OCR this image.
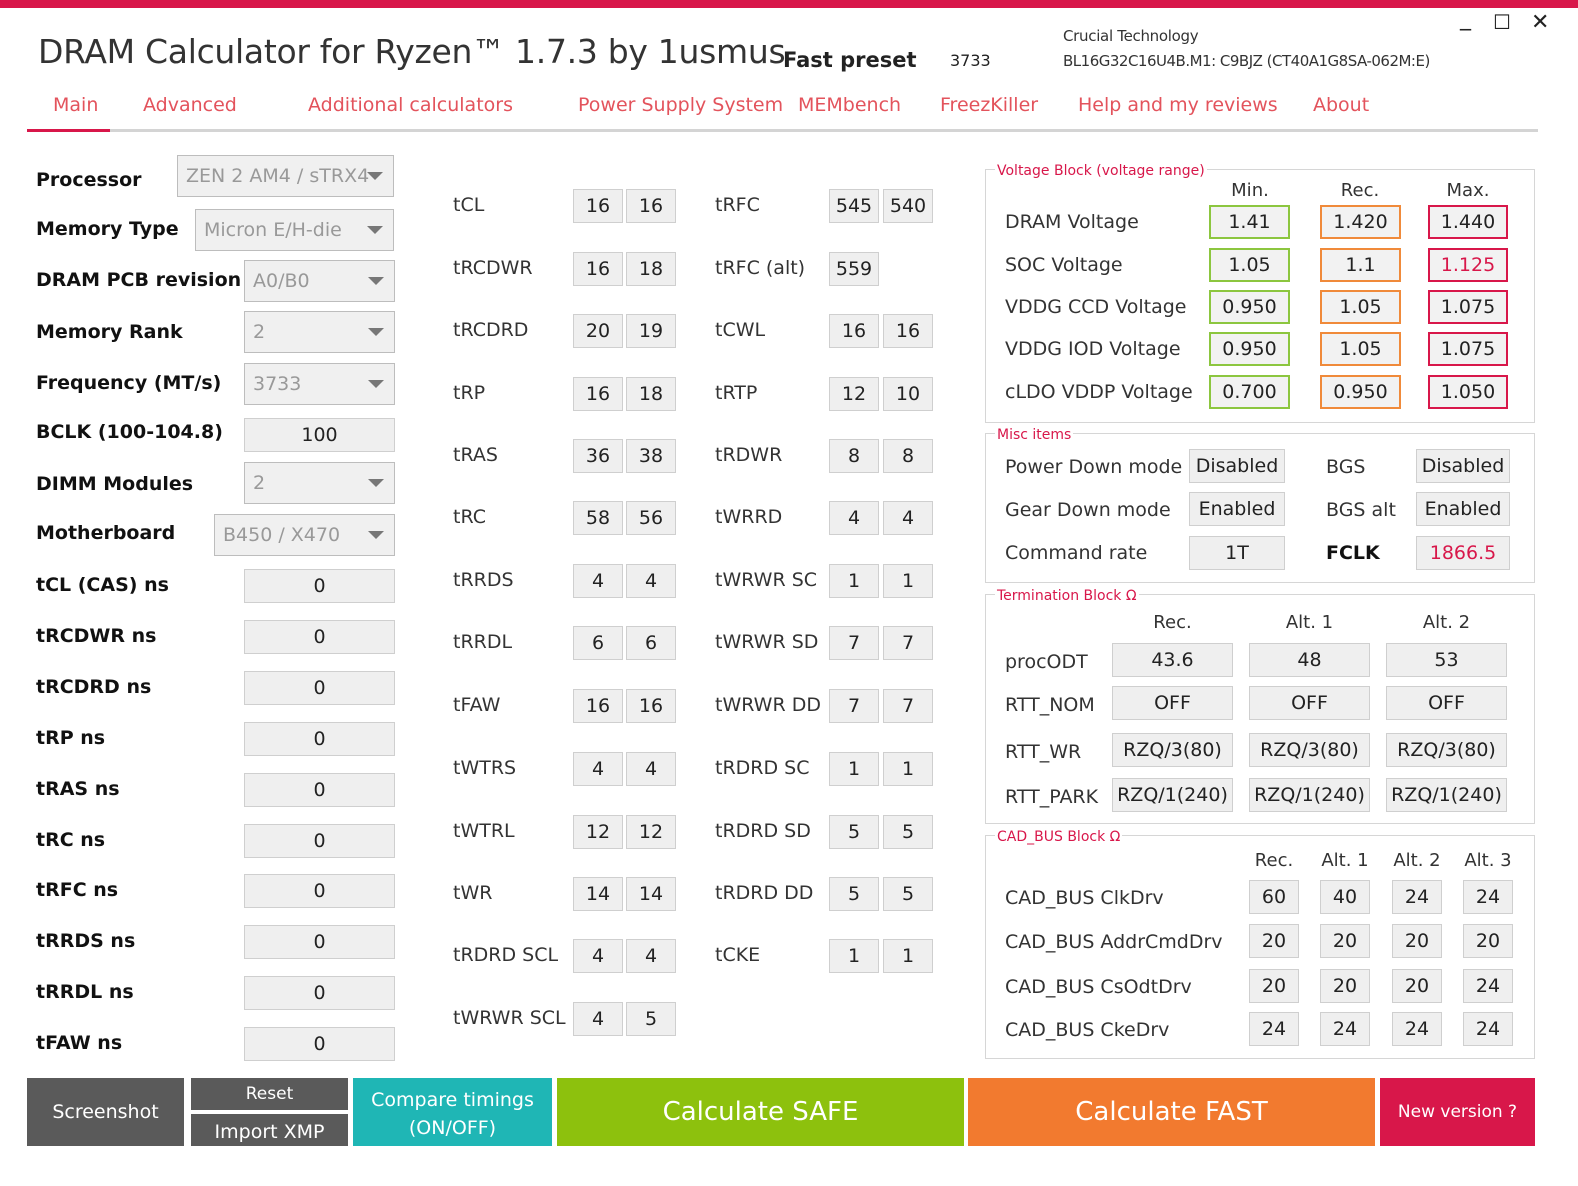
DRAM Calculator for Ryzen™ 1.7.3 by 1usmus
Fast preset 3733
Crucial Technology
BL16G32C16U4B.M1: C9BJZ (CT40A1G8SA-062M:E)
_ ☐ ✕
Main Advanced	Additional calculators	Power Supply System MEMbench FreezKiller Help and my reviews About
Processor	ZEN 2 AM4 / sTRX4
Memory Type	Micron E/H-die
DRAM PCB revision A0/B0
Memory Rank	2
Frequency (MT/s)	3733
BCLK (100-104.8)	100
DIMM Modules	2
Motherboard	B450 / X470
tCL (CAS) ns	0
tRCDWR ns	0
tRCDRD ns	0
tRP ns	0
tRAS ns	0
tRC ns	0
tRFC ns	0
tRRDS ns	0
tRRDL ns	0
tFAW ns	0
tCL	16	16
tRCDWR	16	18
tRCDRD	20	19
tRP	16	18
tRAS	36	38
tRC	58	56
tRRDS	4	4
tRRDL	6	6
tFAW	16	16
tWTRS	4	4
tWTRL	12	12
tWR	14	14
tRDRD SCL	4	4
tWRWR SCL	4	5
tRFC	545 540
tRFC (alt)	559
tCWL	16	16
tRTP	12	10
tRDWR	8	8
tWRRD	4	4
tWRWR SC	1	1
tWRWR SD	7	7
tWRWR DD	7	7
tRDRD SC	1	1
tRDRD SD	5	5
tRDRD DD	5	5
tCKE	1	1
Voltage Block (voltage range)
Min.	Rec.	Max.
DRAM Voltage	1.41	1.420	1.440
SOC Voltage	1.05	1.1	1.125
VDDG CCD Voltage	0.950	1.05	1.075
VDDG IOD Voltage	0.950	1.05	1.075
cLDO VDDP Voltage	0.700	0.950	1.050
Misc items
Power Down mode Disabled
Gear Down mode	Enabled
Command rate	1T
BGS	Disabled
BGS alt	Enabled
FCLK	1866.5
Termination Block Ω
Rec.	Alt. 1	Alt. 2
procODT	43.6	48	53
RTT_NOM	OFF	OFF	OFF
RTT_WR	RZQ/3(80)	RZQ/3(80)	RZQ/3(80)
RTT_PARK RZQ/1(240) RZQ/1(240) RZQ/1(240)
CAD_BUS Block Ω
Rec.	Alt. 1 Alt. 2 Alt. 3
CAD_BUS ClkDrv	60	40	24	24
CAD_BUS AddrCmdDrv	20	20	20	20
CAD_BUS CsOdtDrv	20	20	20	24
CAD_BUS CkeDrv	24	24	24	24
Screenshot
Reset
Import XMP
Compare timings
(ON/OFF)
Calculate SAFE	Calculate FAST	New version ?
